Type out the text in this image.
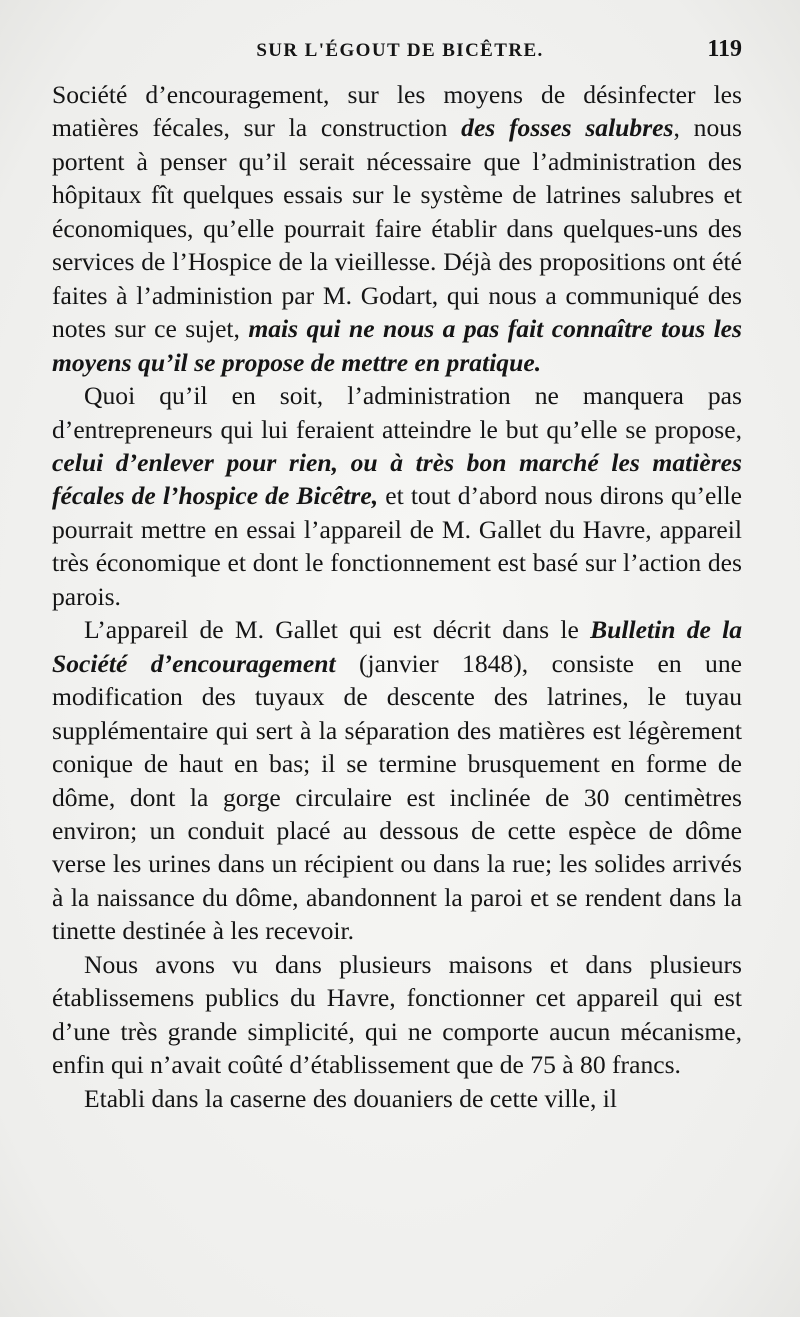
SUR L'ÉGOUT DE BICÊTRE.	119

Société d’encouragement, sur les moyens de désinfecter les matières fécales, sur la construction des fosses salubres, nous portent à penser qu’il serait nécessaire que l’administration des hôpitaux fît quelques essais sur le système de latrines salubres et économiques, qu’elle pourrait faire établir dans quelques-uns des services de l’Hospice de la vieillesse. Déjà des propositions ont été faites à l’administion par M. Godart, qui nous a communiqué des notes sur ce sujet, mais qui ne nous a pas fait connaître tous les moyens qu’il se propose de mettre en pratique.

Quoi qu’il en soit, l’administration ne manquera pas d’entrepreneurs qui lui feraient atteindre le but qu’elle se propose, celui d’enlever pour rien, ou à très bon marché les matières fécales de l’hospice de Bicêtre, et tout d’abord nous dirons qu’elle pourrait mettre en essai l’appareil de M. Gallet du Havre, appareil très économique et dont le fonctionnement est basé sur l’action des parois.

L’appareil de M. Gallet qui est décrit dans le Bulletin de la Société d’encouragement (janvier 1848), consiste en une modification des tuyaux de descente des latrines, le tuyau supplémentaire qui sert à la séparation des matières est légèrement conique de haut en bas; il se termine brusquement en forme de dôme, dont la gorge circulaire est inclinée de 30 centimètres environ; un conduit placé au dessous de cette espèce de dôme verse les urines dans un récipient ou dans la rue; les solides arrivés à la naissance du dôme, abandonnent la paroi et se rendent dans la tinette destinée à les recevoir.

Nous avons vu dans plusieurs maisons et dans plusieurs établissemens publics du Havre, fonctionner cet appareil qui est d’une très grande simplicité, qui ne comporte aucun mécanisme, enfin qui n’avait coûté d’établissement que de 75 à 80 francs.

Etabli dans la caserne des douaniers de cette ville, il
